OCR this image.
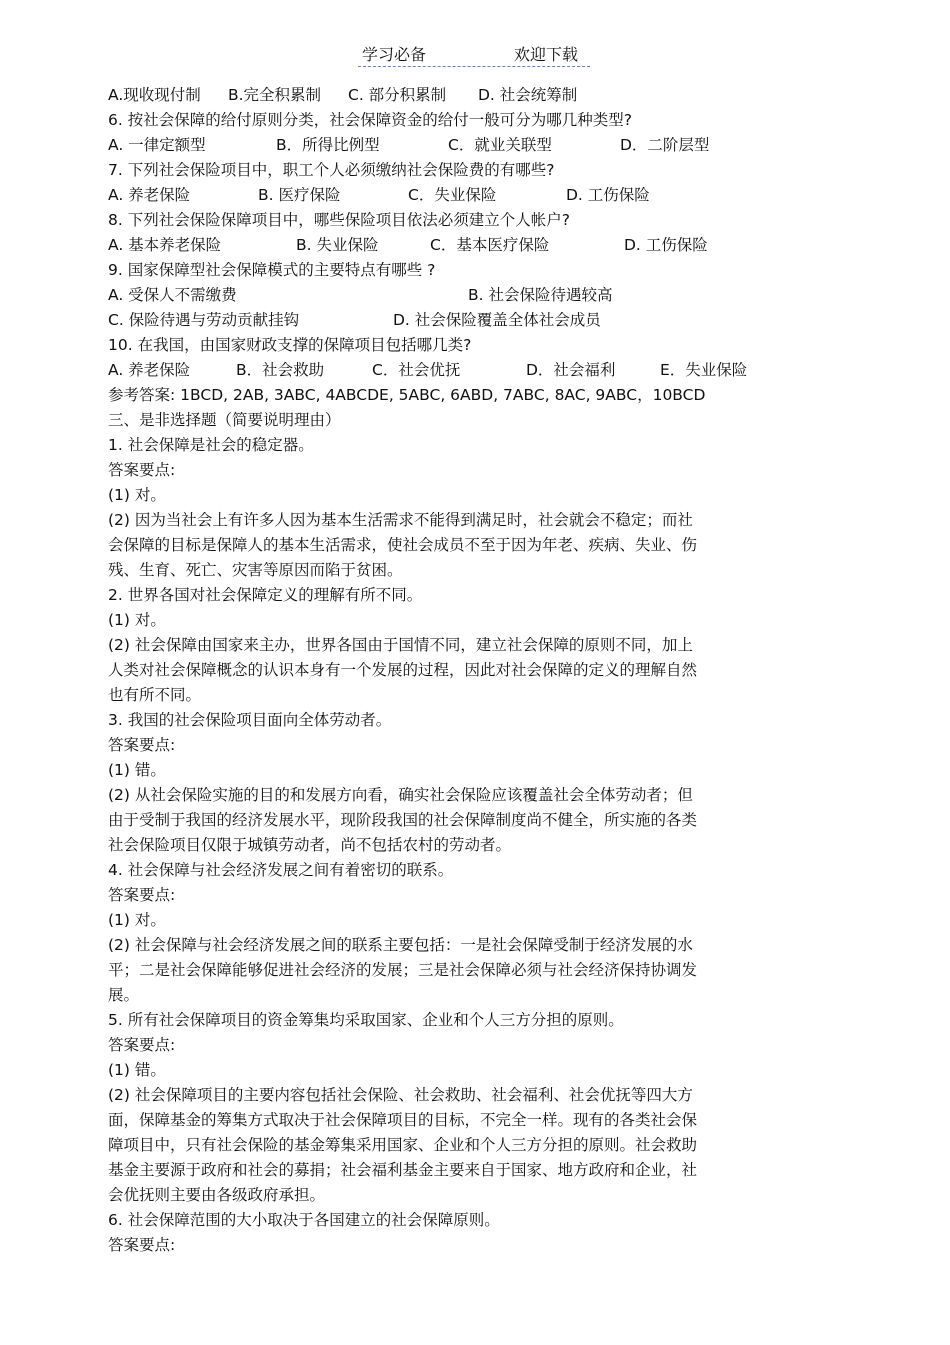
学习必备	欢迎下载
A.现收现付制 B.完全积累制 C. 部分积累制 D. 社会统筹制
6. 按社会保障的给付原则分类，社会保障资金的给付一般可分为哪几种类型?
A. 一律定额型	B．所得比例型	C．就业关联型	D．二阶层型
7. 下列社会保险项目中，职工个人必须缴纳社会保险费的有哪些?
A. 养老保险	B. 医疗保险	C．失业保险	D. 工伤保险
8. 下列社会保险保障项目中，哪些保险项目依法必须建立个人帐户?
A. 基本养老保险	B. 失业保险	C．基本医疗保险	D. 工伤保险
9. 国家保障型社会保障模式的主要特点有哪些 ?
A. 受保人不需缴费	B. 社会保险待遇较高
C. 保险待遇与劳动贡献挂钩	D. 社会保险覆盖全体社会成员
10. 在我国，由国家财政支撑的保障项目包括哪几类?
A. 养老保险	B．社会救助	C．社会优抚	D．社会福利	E．失业保险
参考答案: 1BCD, 2AB, 3ABC, 4ABCDE, 5ABC, 6ABD, 7ABC, 8AC, 9ABC，10BCD
三、是非选择题（简要说明理由）
1. 社会保障是社会的稳定器。
答案要点:
(1) 对。
(2) 因为当社会上有许多人因为基本生活需求不能得到满足时，社会就会不稳定；而社
会保障的目标是保障人的基本生活需求，使社会成员不至于因为年老、疾病、失业、伤
残、生育、死亡、灾害等原因而陷于贫困。
2. 世界各国对社会保障定义的理解有所不同。
(1) 对。
(2) 社会保障由国家来主办，世界各国由于国情不同，建立社会保障的原则不同，加上
人类对社会保障概念的认识本身有一个发展的过程，因此对社会保障的定义的理解自然
也有所不同。
3. 我国的社会保险项目面向全体劳动者。
答案要点:
(1) 错。
(2) 从社会保险实施的目的和发展方向看，确实社会保险应该覆盖社会全体劳动者；但
由于受制于我国的经济发展水平，现阶段我国的社会保障制度尚不健全，所实施的各类
社会保险项目仅限于城镇劳动者，尚不包括农村的劳动者。
4. 社会保障与社会经济发展之间有着密切的联系。
答案要点:
(1) 对。
(2) 社会保障与社会经济发展之间的联系主要包括：一是社会保障受制于经济发展的水
平；二是社会保障能够促进社会经济的发展；三是社会保障必须与社会经济保持协调发
展。
5. 所有社会保障项目的资金筹集均采取国家、企业和个人三方分担的原则。
答案要点:
(1) 错。
(2) 社会保障项目的主要内容包括社会保险、社会救助、社会福利、社会优抚等四大方
面，保障基金的筹集方式取决于社会保障项目的目标，不完全一样。现有的各类社会保
障项目中，只有社会保险的基金筹集采用国家、企业和个人三方分担的原则。社会救助
基金主要源于政府和社会的募捐；社会福利基金主要来自于国家、地方政府和企业，社
会优抚则主要由各级政府承担。
6. 社会保障范围的大小取决于各国建立的社会保障原则。
答案要点:
